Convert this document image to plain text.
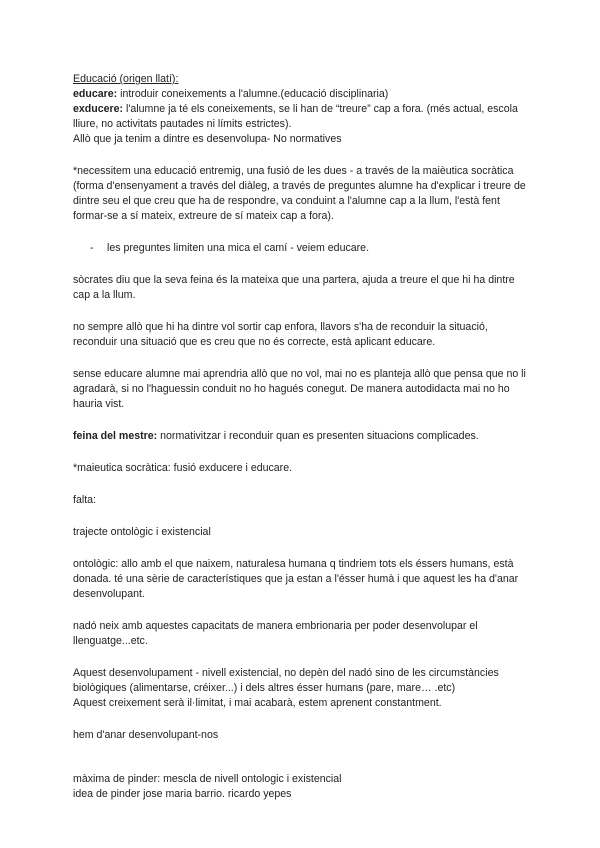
Educació (origen llatí):

educare: introduir coneixements a l'alumne.(educació disciplinaria)

exducere: l'alumne ja té els coneixements, se li han de “treure” cap a fora. (més actual, escola lliure, no activitats pautades ni límits estrictes).

Allò que ja tenim a dintre es desenvolupa- No normatives

*necessitem una educació entremig, una fusió de les dues - a través de la maièutica socràtica (forma d'ensenyament a través del diàleg, a través de preguntes alumne ha d'explicar i treure de dintre seu el que creu que ha de respondre, va conduint a l'alumne cap a la llum, l'està fent formar-se a sí mateix, extreure de sí mateix cap a fora).

-	les preguntes limiten una mica el camí - veiem educare.

sòcrates diu que la seva feina és la mateixa que una partera, ajuda a treure el que hi ha dintre cap a la llum.

no sempre allò que hi ha dintre vol sortir cap enfora, llavors s'ha de reconduir la situació, reconduir una situació que es creu que no és correcte, està aplicant educare.

sense educare alumne mai aprendria allò que no vol, mai no es planteja allò que pensa que no li agradarà, si no l'haguessin conduit no ho hagués conegut. De manera autodidacta mai no ho hauria vist.

feina del mestre: normativitzar i reconduir quan es presenten situacions complicades.

*maieutica socràtica: fusió exducere i educare.

falta:

trajecte ontològic i existencial

ontològic: allo amb el que naixem, naturalesa humana q tindriem tots els éssers humans, està donada. té una sèrie de característiques que ja estan a l'ésser humà i que aquest les ha d'anar desenvolupant.

nadó neix amb aquestes capacitats de manera embrionaria per poder desenvolupar el llenguatge...etc.

Aquest desenvolupament - nivell existencial, no depèn del nadó sino de les circumstàncies biològiques (alimentarse, créixer...) i dels altres ésser humans (pare, mare… .etc)

Aquest creixement serà il·limitat, i mai acabarà, estem aprenent constantment.

hem d'anar desenvolupant-nos

màxima de pinder: mescla de nivell ontologic i existencial

idea de pinder jose maria barrio. ricardo yepes
